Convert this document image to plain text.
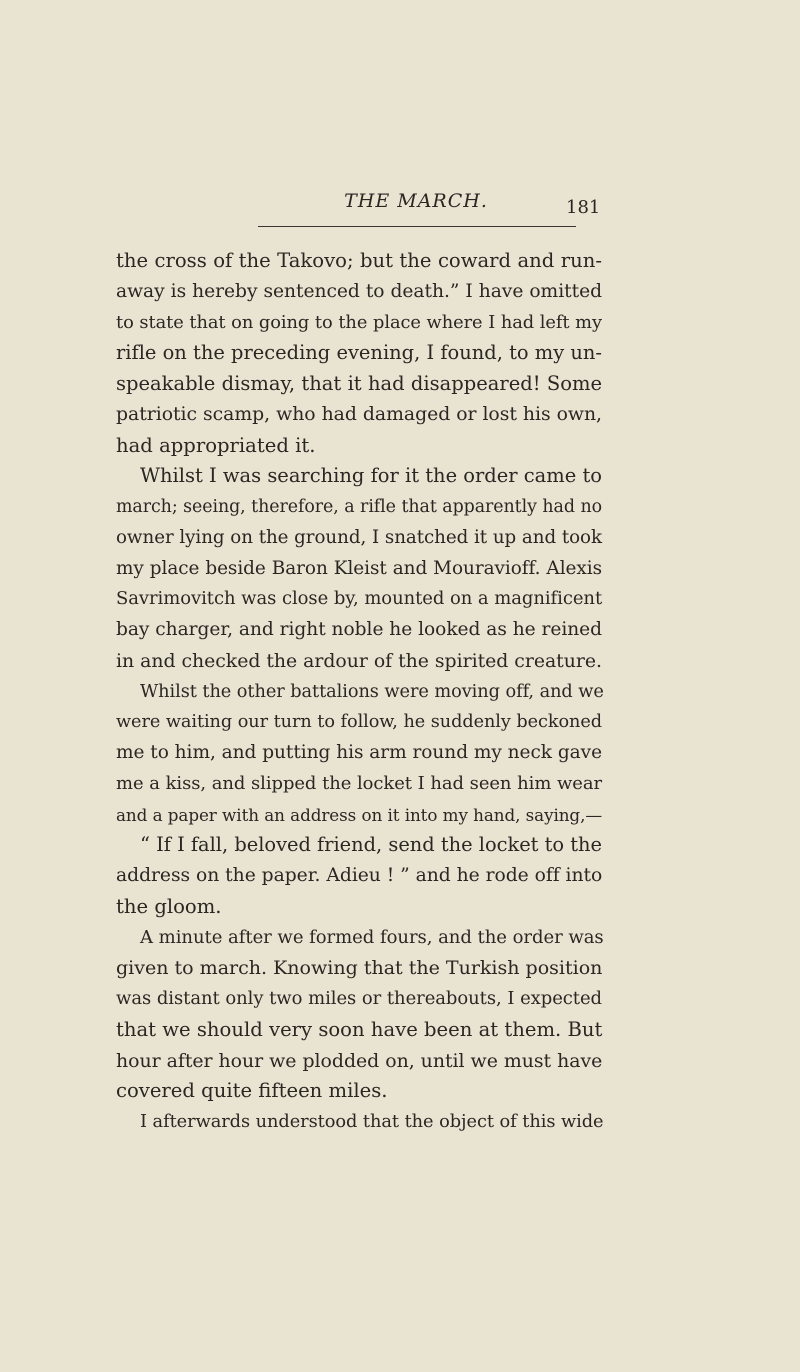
THE MARCH.	181

the cross of the Takovo; but the coward and run-

away is hereby sentenced to death.” I have omitted

to state that on going to the place where I had left my

rifle on the preceding evening, I found, to my un-

speakable dismay, that it had disappeared! Some

patriotic scamp, who had damaged or lost his own,

had appropriated it.

Whilst I was searching for it the order came to

march; seeing, therefore, a rifle that apparently had no

owner lying on the ground, I snatched it up and took

my place beside Baron Kleist and Mouravioff. Alexis

Savrimovitch was close by, mounted on a magnificent

bay charger, and right noble he looked as he reined

in and checked the ardour of the spirited creature.

Whilst the other battalions were moving off, and we

were waiting our turn to follow, he suddenly beckoned

me to him, and putting his arm round my neck gave

me a kiss, and slipped the locket I had seen him wear

and a paper with an address on it into my hand, saying,—

“ If I fall, beloved friend, send the locket to the

address on the paper. Adieu ! ” and he rode off into

the gloom.

A minute after we formed fours, and the order was

given to march. Knowing that the Turkish position

was distant only two miles or thereabouts, I expected

that we should very soon have been at them. But

hour after hour we plodded on, until we must have

covered quite fifteen miles.

I afterwards understood that the object of this wide
